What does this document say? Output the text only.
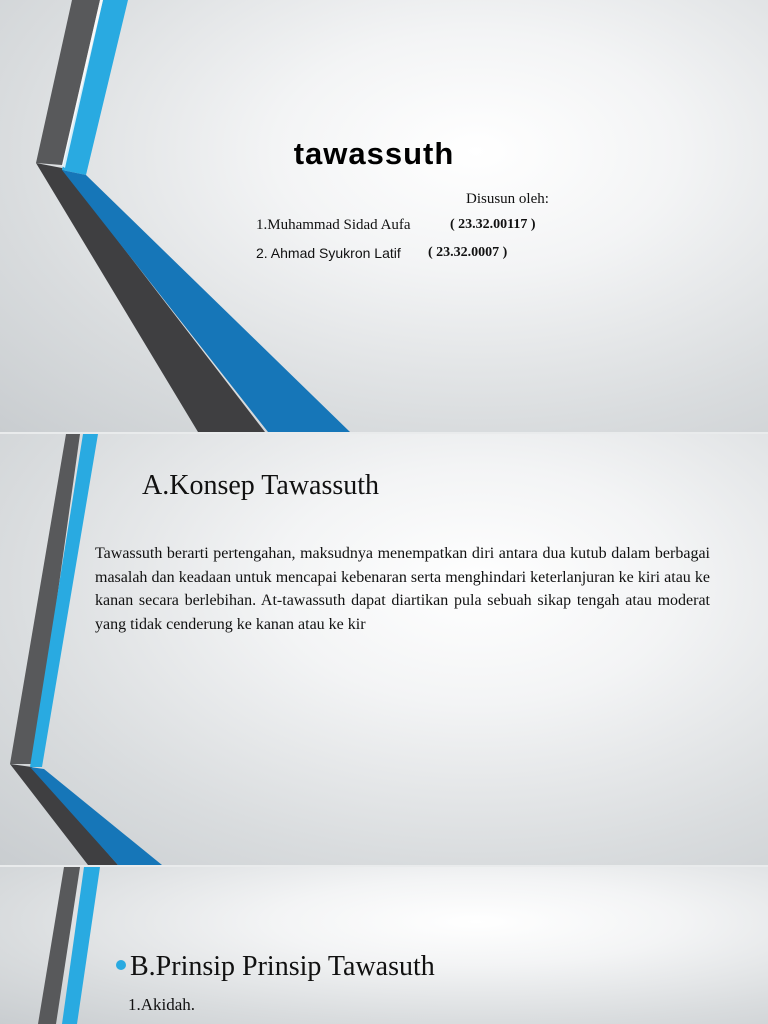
tawassuth
Disusun oleh:
1.Muhammad Sidad Aufa	( 23.32.00117 )
2. Ahmad Syukron Latif ( 23.32.0007 )
A.Konsep Tawassuth
Tawassuth berarti pertengahan, maksudnya menempatkan diri antara dua kutub dalam berbagai masalah dan keadaan untuk mencapai kebenaran serta menghindari keterlanjuran ke kiri atau ke kanan secara berlebihan. At-tawassuth dapat diartikan pula sebuah sikap tengah atau moderat yang tidak cenderung ke kanan atau ke kir
B.Prinsip Prinsip Tawasuth
1.Akidah.
